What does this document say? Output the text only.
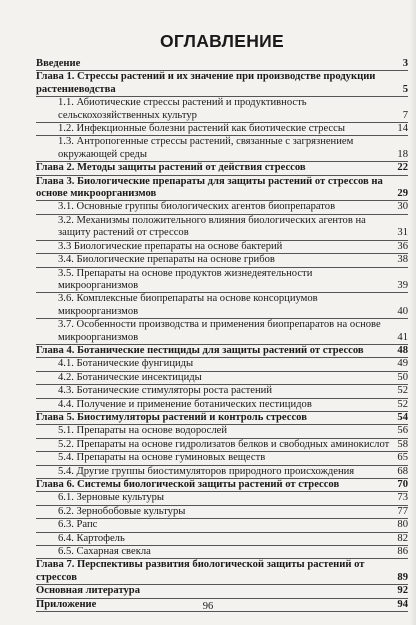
ОГЛАВЛЕНИЕ
Введение	3
Глава 1. Стрессы растений и их значение при производстве продукции растениеводства	5
1.1. Абиотические стрессы растений и продуктивность сельскохозяйственных культур	7
1.2. Инфекционные болезни растений как биотические стрессы	14
1.3. Антропогенные стрессы растений, связанные с загрязнением окружающей среды	18
Глава 2. Методы защиты растений от действия стрессов	22
Глава 3. Биологические препараты для защиты растений от стрессов на основе микроорганизмов	29
3.1. Основные группы биологических агентов биопрепаратов	30
3.2. Механизмы положительного влияния биологических агентов на защиту растений от стрессов	31
3.3 Биологические препараты на основе бактерий	36
3.4. Биологические препараты на основе грибов	38
3.5. Препараты на основе продуктов жизнедеятельности микроорганизмов	39
3.6. Комплексные биопрепараты на основе консорциумов микроорганизмов	40
3.7. Особенности производства и применения биопрепаратов на основе микроорганизмов	41
Глава 4. Ботанические пестициды для защиты растений от стрессов	48
4.1. Ботанические фунгициды	49
4.2. Ботанические инсектициды	50
4.3. Ботанические стимуляторы роста растений	52
4.4. Получение и применение ботанических пестицидов	52
Глава 5. Биостимуляторы растений и контроль стрессов	54
5.1. Препараты на основе водорослей	56
5.2. Препараты на основе гидролизатов белков и свободных аминокислот 58
5.4. Препараты на основе гуминовых веществ	65
5.4. Другие группы биостимуляторов природного происхождения	68
Глава 6. Системы биологической защиты растений от стрессов	70
6.1. Зерновые культуры	73
6.2. Зернобобовые культуры	77
6.3. Рапс	80
6.4. Картофель	82
6.5. Сахарная свекла	86
Глава 7. Перспективы развития биологической защиты растений от стрессов	89
Основная литература	92
Приложение	94
96
